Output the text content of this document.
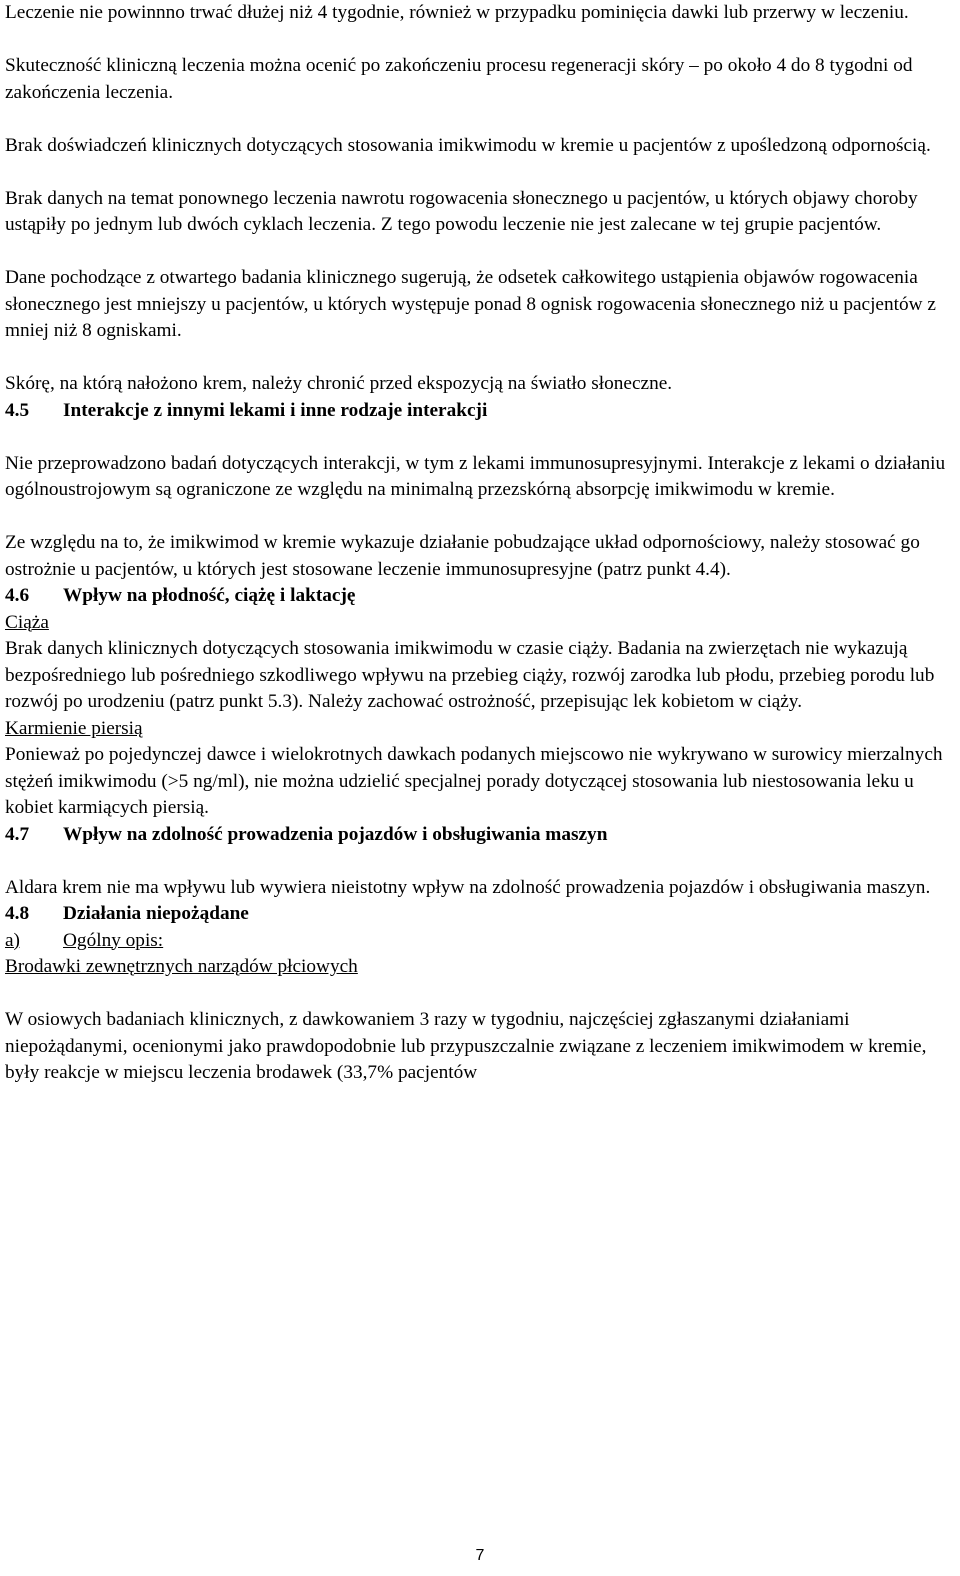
Leczenie nie powinnno trwać dłużej niż 4 tygodnie, również w przypadku pominięcia dawki lub przerwy w leczeniu.

Skuteczność kliniczną leczenia można ocenić po zakończeniu procesu regeneracji skóry – po około 4 do 8 tygodni od zakończenia leczenia.

Brak doświadczeń klinicznych dotyczących stosowania imikwimodu w kremie u pacjentów z upośledzoną odpornością.

Brak danych na temat ponownego leczenia nawrotu rogowacenia słonecznego u pacjentów, u których objawy choroby ustąpiły po jednym lub dwóch cyklach leczenia. Z tego powodu leczenie nie jest zalecane w tej grupie pacjentów.

Dane pochodzące z otwartego badania klinicznego sugerują, że odsetek całkowitego ustąpienia objawów rogowacenia słonecznego jest mniejszy u pacjentów, u których występuje ponad 8 ognisk rogowacenia słonecznego niż u pacjentów z mniej niż 8 ogniskami.

Skórę, na którą nałożono krem, należy chronić przed ekspozycją na światło słoneczne.

4.5	Interakcje z innymi lekami i inne rodzaje interakcji

Nie przeprowadzono badań dotyczących interakcji, w tym z lekami immunosupresyjnymi. Interakcje z lekami o działaniu ogólnoustrojowym są ograniczone ze względu na minimalną przezskórną absorpcję imikwimodu w kremie.

Ze względu na to, że imikwimod w kremie wykazuje działanie pobudzające układ odpornościowy, należy stosować go ostrożnie u pacjentów, u których jest stosowane leczenie immunosupresyjne (patrz punkt 4.4).

4.6	Wpływ na płodność, ciążę i laktację

Ciąża

Brak danych klinicznych dotyczących stosowania imikwimodu w czasie ciąży. Badania na zwierzętach nie wykazują bezpośredniego lub pośredniego szkodliwego wpływu na przebieg ciąży, rozwój zarodka lub płodu, przebieg porodu lub rozwój po urodzeniu (patrz punkt 5.3). Należy zachować ostrożność, przepisując lek kobietom w ciąży.

Karmienie piersią

Ponieważ po pojedynczej dawce i wielokrotnych dawkach podanych miejscowo nie wykrywano w surowicy mierzalnych stężeń imikwimodu (>5 ng/ml), nie można udzielić specjalnej porady dotyczącej stosowania lub niestosowania leku u kobiet karmiących piersią.

4.7	Wpływ na zdolność prowadzenia pojazdów i obsługiwania maszyn

Aldara krem nie ma wpływu lub wywiera nieistotny wpływ na zdolność prowadzenia pojazdów i obsługiwania maszyn.

4.8	Działania niepożądane
a)	Ogólny opis:

Brodawki zewnętrznych narządów płciowych

W osiowych badaniach klinicznych, z dawkowaniem 3 razy w tygodniu, najczęściej zgłaszanymi działaniami niepożądanymi, ocenionymi jako prawdopodobnie lub przypuszczalnie związane z leczeniem imikwimodem w kremie, były reakcje w miejscu leczenia brodawek (33,7% pacjentów

7
